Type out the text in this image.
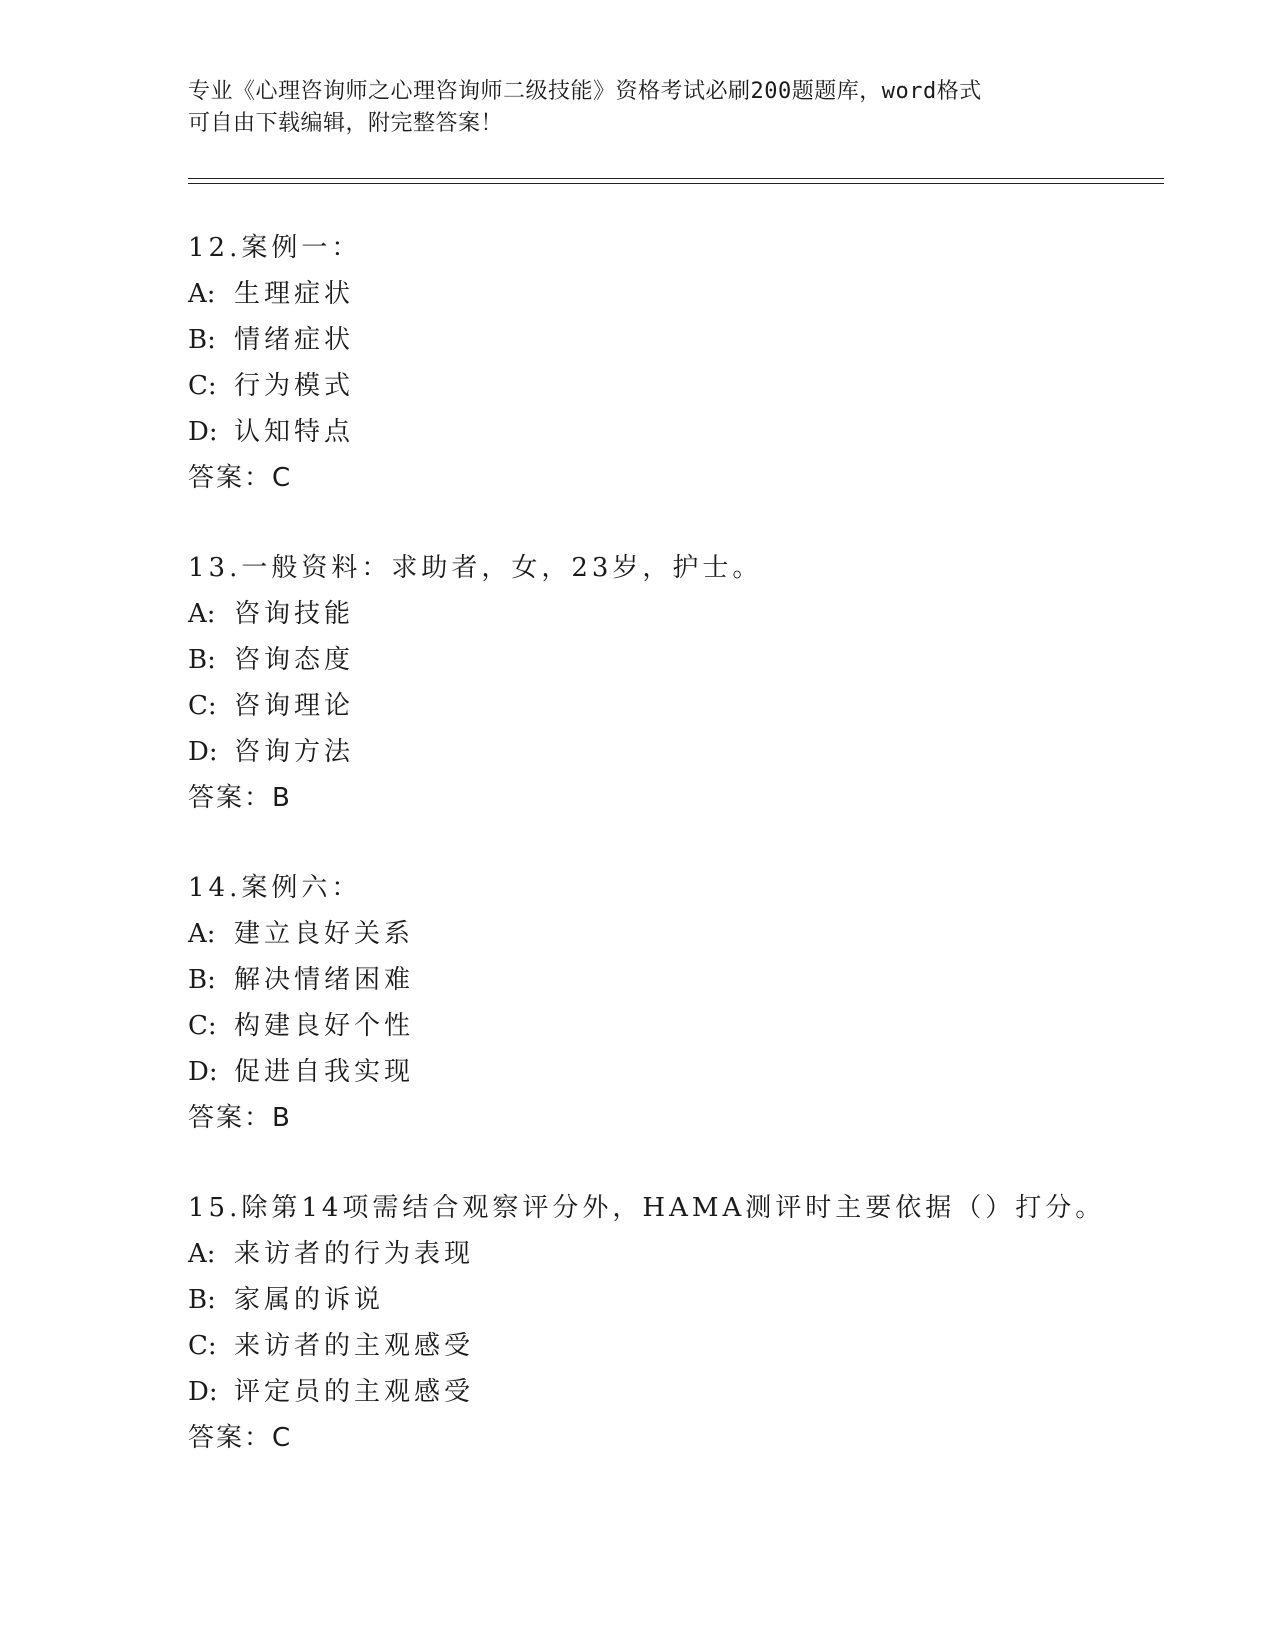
专业《心理咨询师之心理咨询师二级技能》资格考试必刷200题题库，word格式
可自由下载编辑，附完整答案！
12.案例一：
A: 生理症状
B: 情绪症状
C: 行为模式
D: 认知特点
答案：C
13.一般资料：求助者，女，23岁，护士。
A: 咨询技能
B: 咨询态度
C: 咨询理论
D: 咨询方法
答案：B
14.案例六：
A: 建立良好关系
B: 解决情绪困难
C: 构建良好个性
D: 促进自我实现
答案：B
15.除第14项需结合观察评分外，HAMA测评时主要依据（）打分。
A: 来访者的行为表现
B: 家属的诉说
C: 来访者的主观感受
D: 评定员的主观感受
答案：C
